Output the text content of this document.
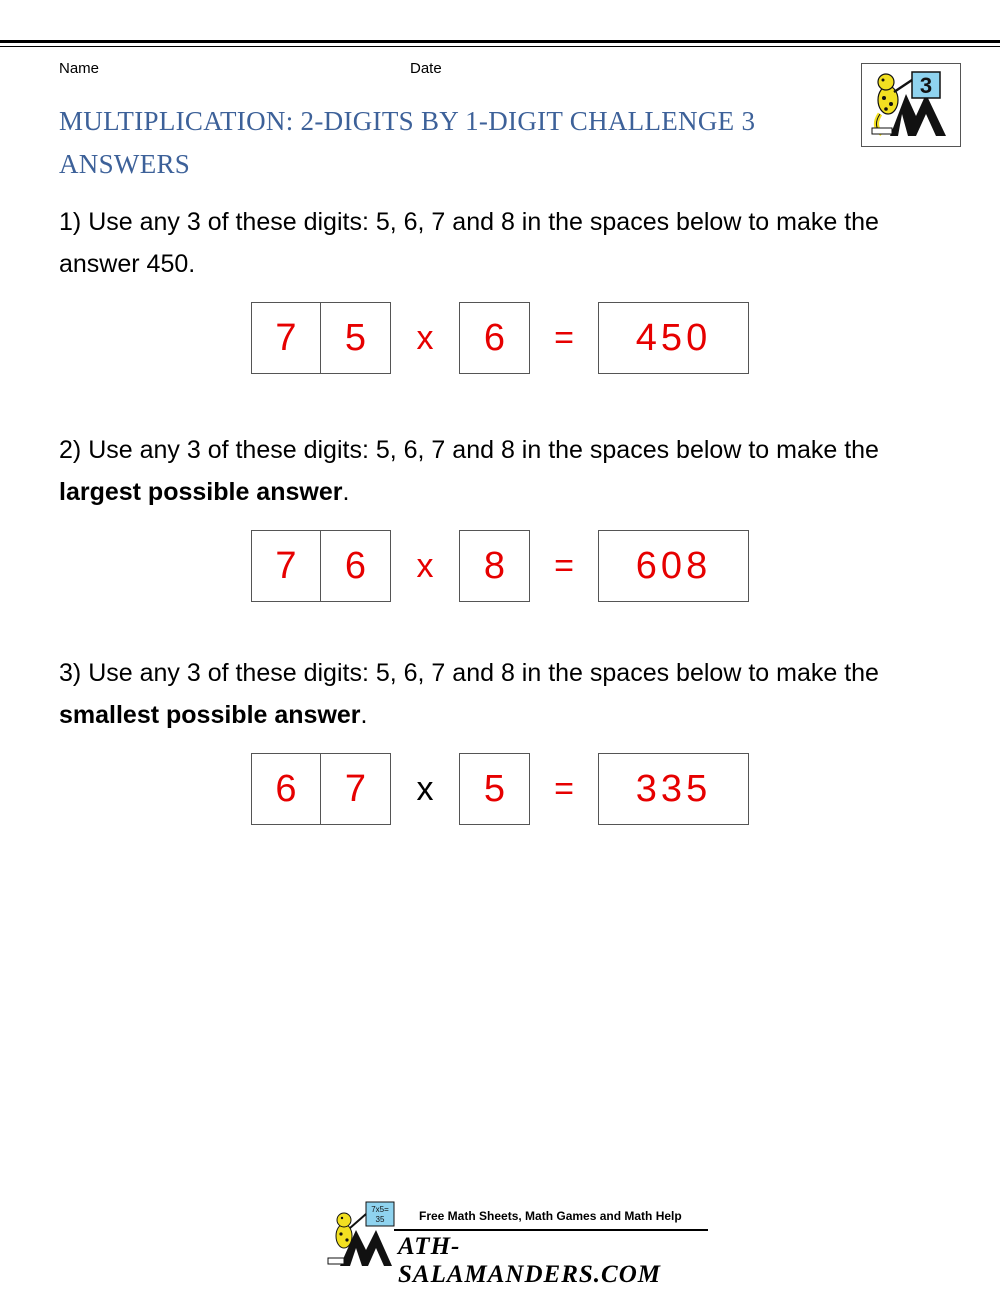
Name	Date
MULTIPLICATION: 2-DIGITS BY 1-DIGIT CHALLENGE 3
ANSWERS
3
1) Use any 3 of these digits: 5, 6, 7 and 8 in the spaces below to make the answer 450.
7	5	x	6	=	450
2) Use any 3 of these digits: 5, 6, 7 and 8 in the spaces below to make the largest possible answer.
7	6	x	8	=	608
3) Use any 3 of these digits: 5, 6, 7 and 8 in the spaces below to make the smallest possible answer.
6	7	x	5	=	335
7x5=
35	Free Math Sheets, Math Games and Math Help
ATH-SALAMANDERS.COM
